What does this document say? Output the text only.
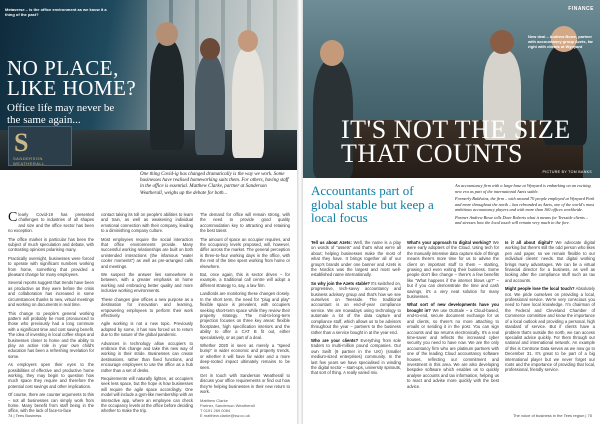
Metaverse – is the office environment as we know it a thing of the past?
NO PLACE,
LIKE HOME?
Office life may never be the same again...
S
SANDERSON WEATHERALL
One thing Covid-ig has changed dramatically is the way we work. Some businesses have realised homeworking suits them. For others, having staff in the office is essential. Matthew Clarke, partner at Sanderson Weatherall, weighs up the debate for both...

Clearly Covid-19 has presented challenges to industries of all shapes and size and the office sector has been no exception.

The office market in particular has been the subject of much speculation and debate, with contrasting opinions polarising many.

Practically overnight, businesses were forced to operate with significant numbers working from home, something that provided a pleasant change for many employees.

Several reports suggest that trends have been as productive as they were before the crisis and collaboration has increased in some circumstances thanks to new, virtual meetings and working on documents in real time.

This change to people's general working pattern will probably be most pronounced to those who previously had a long commute with a significant time and cost saving benefit. The idea of investing in local coffee shops and businesses closer to home and the ability to play an active role in your own child's education has been a refreshing revelation for some.

As employers open their eyes to the possibilities of effective and productive home working, they may begin to question how much space they require and therefore the potential cost savings and other implications.

Of course, there are counter arguments to this – not all businesses can simply work from home. Many benefit from staff being in the office, with the lack of face-to-face

contact taking its toll on people's abilities to learn and train, as well as weakening individual emotional connection with their company, leading to a diminishing company culture.

Most employees require the social interaction that office environments provide. Many successful working relationships are built on both unintended interactions (the infamous "water cooler moments") as well as pre-arranged calls and meetings.

We suspect the answer lies somewhere in between, with a greater emphasis on home working and embracing better quality and more inclusive working environments.

These changes give offices a new purpose as a destination for innovation and learning, empowering employees to perform their work effectively.

Agile working is not a new topic. Previously adopted by some, it has now forced us to return due to the nature of the global pandemic.

Advances in technology allow occupiers to embrace this change and take this new way of working in their stride. Businesses can create destinations, rather than fixed functions, and encourage employees to use the office as a hub rather than a set of desks.

Requirements will naturally lighten, as occupiers seek less space, but the hope is how businesses will require the agile space accordingly. One model will include a gym-like membership with an interactive app, where an employee can check the occupancy levels at the office before deciding whether to make the trip.

The demand for office will remain strong, with the need to provide good quality accommodation key to attracting and retaining the best talent.

The amount of space an occupier requires, and the occupancy levels proposed, will, however, differ across the market. The general perception is three-to-four working days in the office, with the rest of the time spent working from home or elsewhere.

But, once again, this is sector driven – for example, a traditional call centre will adopt a different strategy to, say, a law firm.

Landlords are monitoring these changes closely. In the short term, the need for "plug and play" flexible space is prevalent, with occupiers seeking short-term space while they review their property strategy. The mid-to-long-term projection focuses on three key areas: flexible floorplates, high specification interiors and the ability to offer a CAT B fit out, either speculatively, or as part of a deal.

Whether 2020 is seen as merely a "speed bump" in wider economic and property trends, or whether it will have far wider and a more deep-rooted impact ultimately remains to be seen.

Get in touch with Sanderson Weatherall to discuss your office requirements or find out how they're helping businesses in their new return to work.

Matthew Clarke
Partner, Sanderson Weatherall
T 0191 269 0084
E matthew.clarke@sw.co.uk
74 | Tees Business
FINANCE
New deal – Andrew Bowe, partner with accountancy group Azets, far right with clients at Wynyard
IT'S NOT THE SIZE
THAT COUNTS
PICTURE BY TOM BANKS
Accountants part of global stable but keep a local focus

An accountancy firm with a large base at Wynyard is embarking on an exciting new era as part of the international Azets stable.

Formerly Baldwins, the firm – with around 70 people employed at Wynyard Park and more throughout the north – has rebranded as Azets, one of the world's most ambitious accountancy players and with more than 160 offices worldwide.

Partner Andrew Bowe tells Dave Roberts what it means for Teesside clients – and stresses how the local touch will remain very much to the fore.

Tell us about Azets: Well, the name is a play on words of "assets" and that's what we're all about; helping businesses make the most of what they have. It brings together all of our group's brands under one banner and Azets is the Nordics was the largest and most well-established name internationally.

So why join the Azets stable? It's switched on, progressive, tech-savvy accountancy and business advisory group and that's how we see ourselves on Teesside. The traditional accountant is an end-of-year compliance service. We are nowadays using technology to automate a lot of the data capture and compliance stuff, which allows us to be advisors throughout the year – partners to the business rather than a service bought in at the year end.

Who are your clients? Everything from sole traders to multi-million pound companies. Our own Swift (9 partner in the UK!) (smaller medium-sized enterprises) community. In the last few years we have specialised in winding the digital sector – start-ups, university spinouts, that sort of thing. A really varied mix.

What's your approach to digital working? We were early adopters of the Cloud. Using tech for the manually intensive data capture side of things means there's more time for us to advise the client on important stuff to them – starting, growing and even exiting their business. Some people don't like change – there's a few benefits like "What happens if the internet blows up?" – but if you can demonstrate the time and cash savings, it's a very neat solution for many businesses.

What sort of new developments have you brought in? We use OutSale – a Cloud-based, end-to-end, secure document exchange for us and clients, so there's no more attaching to emails or sending it in the post. You can sign accounts and tax returns electronically. It's a real time-saver and reflects the increased cyber security you need to have now. We are the only accountancy firm who are platinum partners with one of the leading Cloud accountancy software houses, reflecting our commitment and investment in this area. We are also developing bespoke software which enables us to quickly analyse accounts and tax information, helping us to react and advise more quickly with the best advice.

Is it all about digital? We advocate digital working but there's still the odd person who likes pen and paper, so we remain flexible to our individual clients' needs. But digital working brings many advantages. We can be a virtual financial director for a business, as well as looking after the compliance stuff such as tax and accounts.

Might people lose the local touch? Absolutely not. We pride ourselves on providing a local, professional service. We're very conscious you need to have local knowledge. I'm chairman of the Federal and Cleveland Chamber of Commerce committee and know the importance of a local outlook and providing a personal, high standard of service. But if clients have a problem that's outside the north, we can access specialist advice quickly. For them through our national and international network. An example of this is Centrone Data serves as we now go to December 31. It's great to be part of a big international player but we never forget our roots and the importance of providing that local, professional, friendly service.

The voice of business in the Tees region | 75
